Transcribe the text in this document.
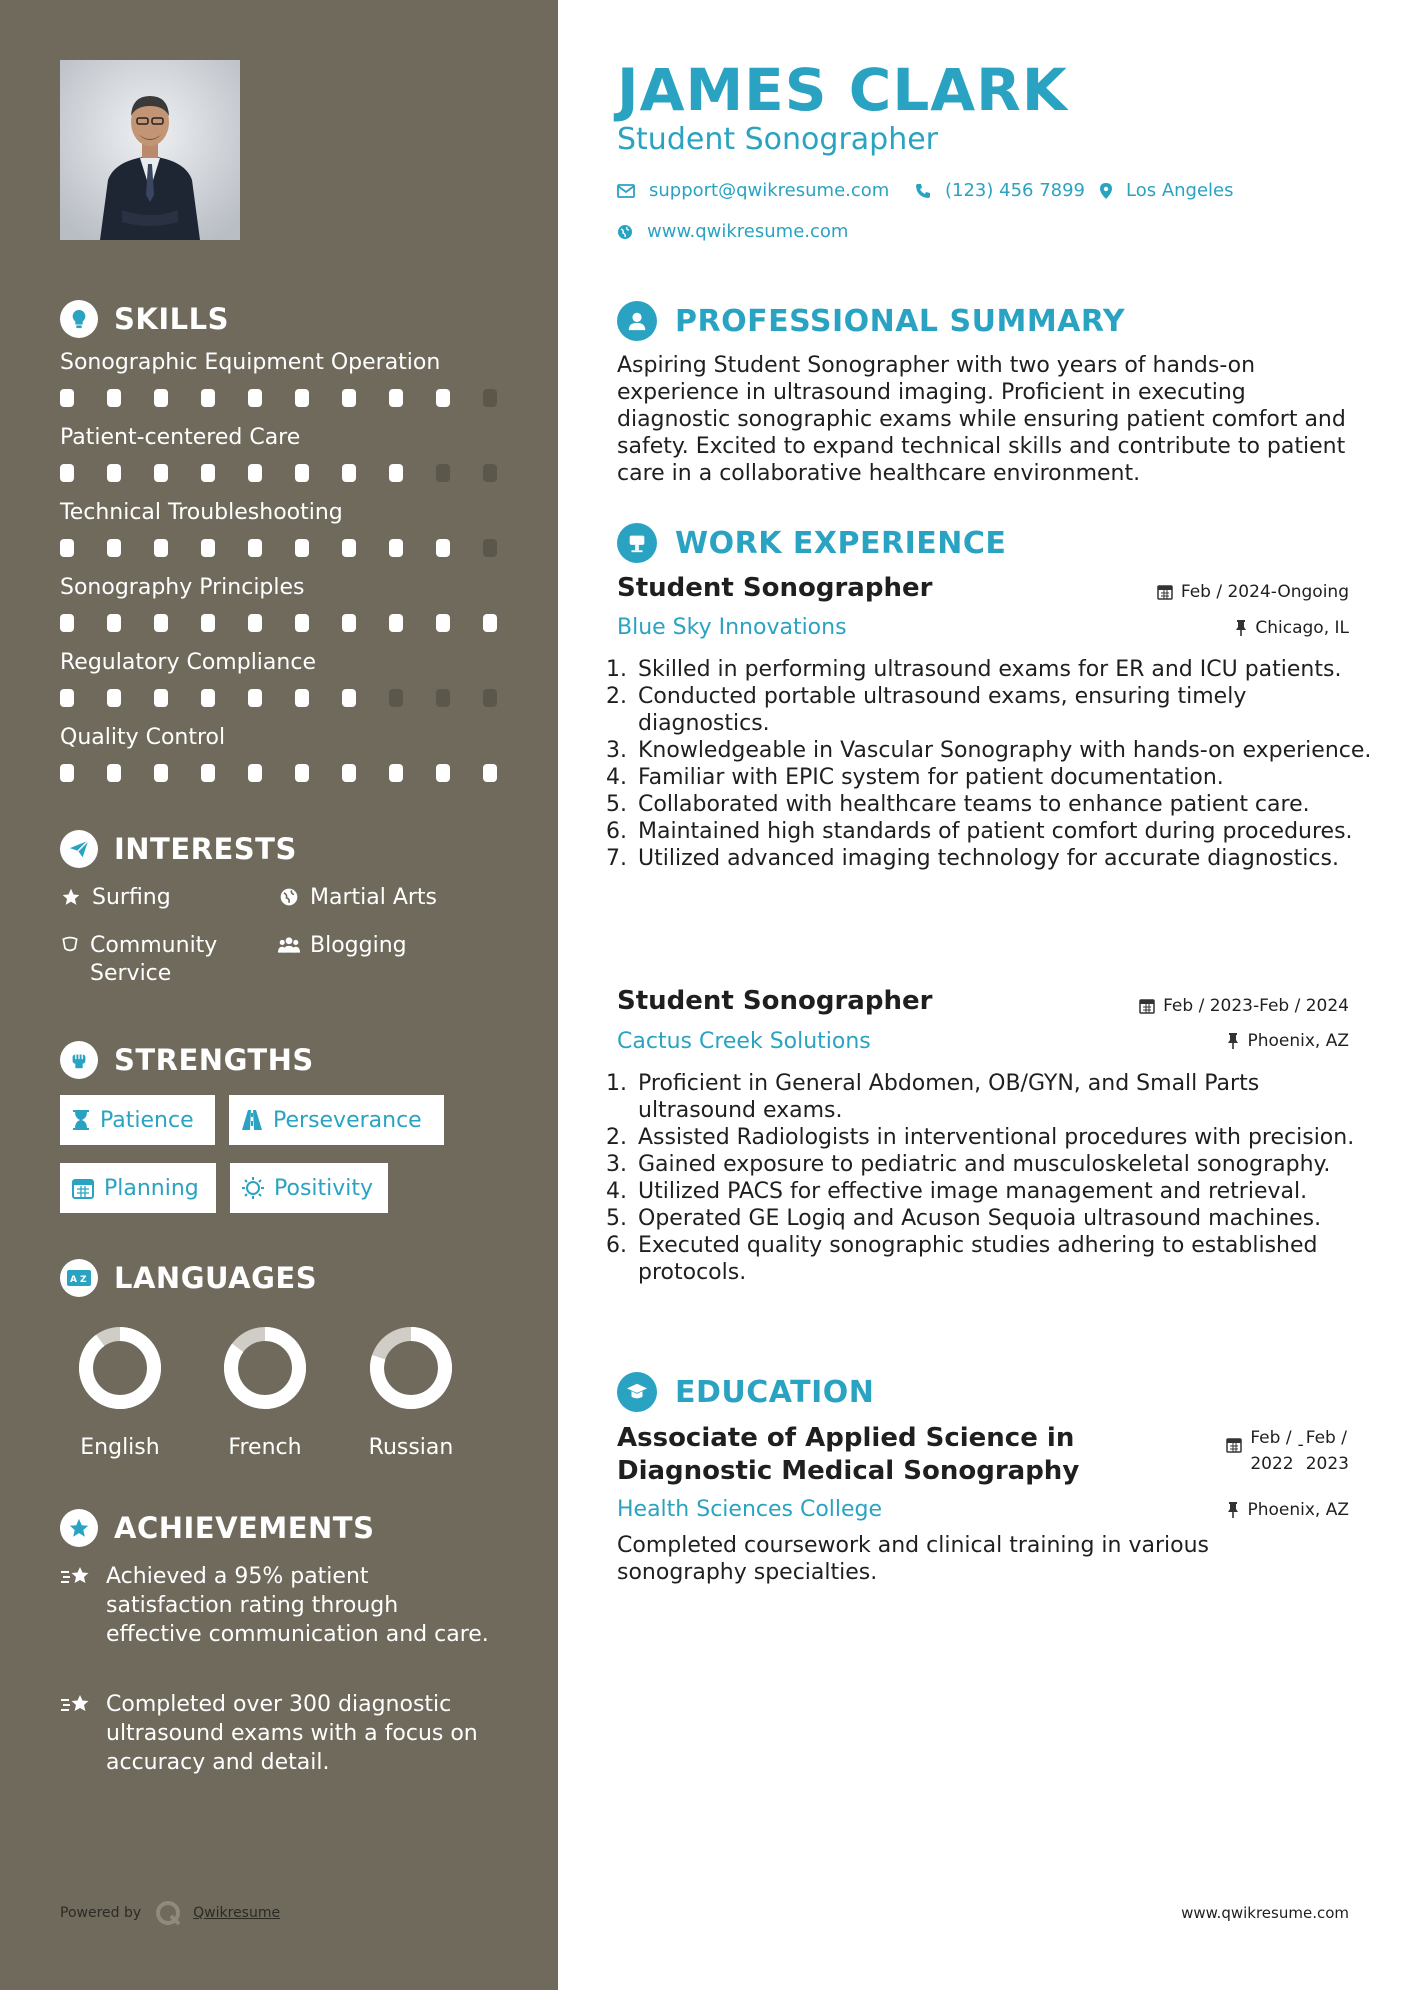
SKILLS
Sonographic Equipment Operation
Patient-centered Care
Technical Troubleshooting
Sonography Principles
Regulatory Compliance
Quality Control
INTERESTS
Surfing	Martial Arts
Community Service
Blogging
STRENGTHS
Patience	Perseverance
Planning	Positivity
A Z LANGUAGES
English	French	Russian
ACHIEVEMENTS
Achieved a 95% patient satisfaction rating through effective communication and care.
Completed over 300 diagnostic ultrasound exams with a focus on accuracy and detail.
Powered by	Qwikresume
JAMES CLARK
Student Sonographer
support@qwikresume.com	(123) 456 7899 Los Angeles
www.qwikresume.com
PROFESSIONAL SUMMARY
Aspiring Student Sonographer with two years of hands-on experience in ultrasound imaging. Proficient in executing diagnostic sonographic exams while ensuring patient comfort and safety. Excited to expand technical skills and contribute to patient care in a collaborative healthcare environment.
WORK EXPERIENCE
Student Sonographer	Feb / 2024-Ongoing
Blue Sky Innovations	Chicago, IL
1. Skilled in performing ultrasound exams for ER and ICU patients.
2. Conducted portable ultrasound exams, ensuring timely diagnostics.
3. Knowledgeable in Vascular Sonography with hands-on experience.
4. Familiar with EPIC system for patient documentation.
5. Collaborated with healthcare teams to enhance patient care.
6. Maintained high standards of patient comfort during procedures.
7. Utilized advanced imaging technology for accurate diagnostics.
Student Sonographer	Feb / 2023-Feb / 2024
Cactus Creek Solutions	Phoenix, AZ
1. Proficient in General Abdomen, OB/GYN, and Small Parts ultrasound exams.
2. Assisted Radiologists in interventional procedures with precision.
3. Gained exposure to pediatric and musculoskeletal sonography.
4. Utilized PACS for effective image management and retrieval.
5. Operated GE Logiq and Acuson Sequoia ultrasound machines.
6. Executed quality sonographic studies adhering to established protocols.
EDUCATION
Associate of Applied Science in
Diagnostic Medical Sonography
Feb /
2022
- Feb /
2023
Health Sciences College	Phoenix, AZ
Completed coursework and clinical training in various sonography specialties.
www.qwikresume.com
